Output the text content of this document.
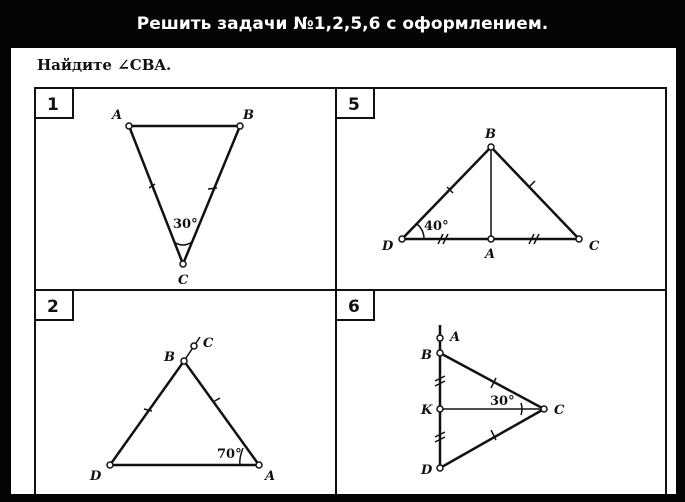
Решить задачи №1,2,5,6 с оформлением.
Найдите ∠CBA.
1	5
2	6
A	B
C
30°
B
D
A
C
40°
B
C
D	A
70°
A
B
K	C
D
30°
